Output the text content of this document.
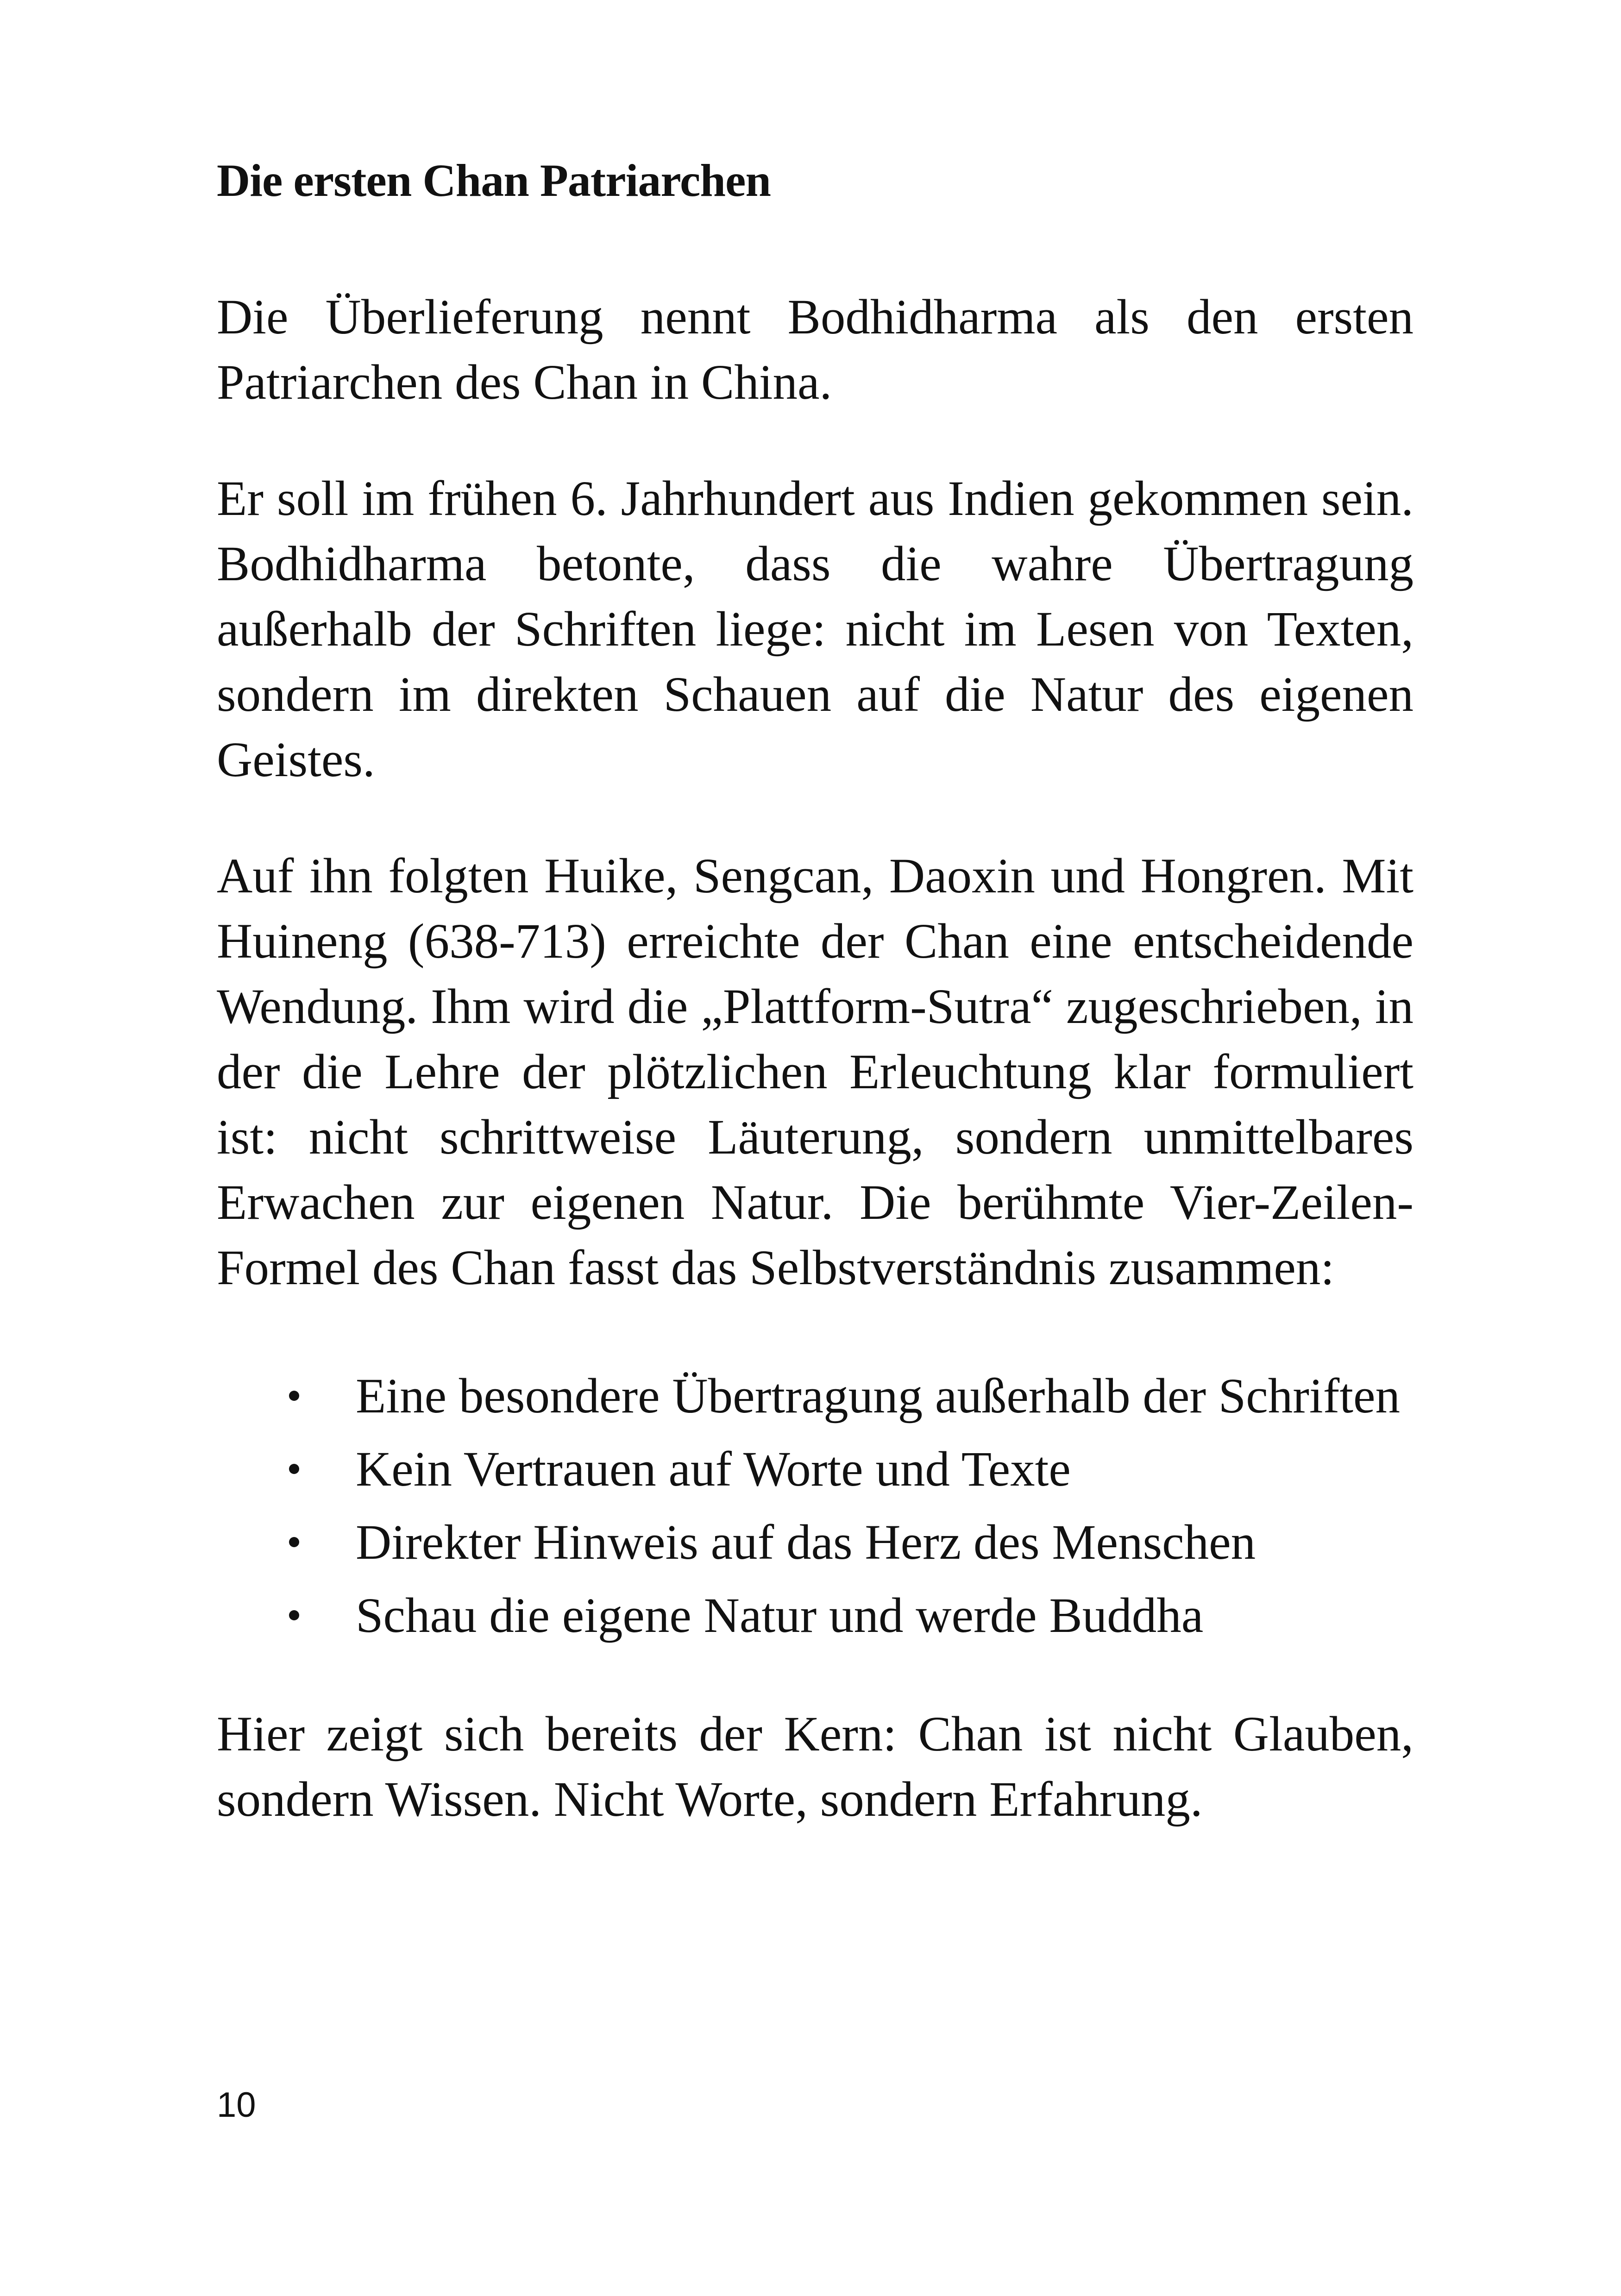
Die ersten Chan Patriarchen

Die Überlieferung nennt Bodhidharma als den ersten Patriarchen des Chan in China.

Er soll im frühen 6. Jahrhundert aus Indien gekommen sein. Bodhidharma betonte, dass die wahre Übertragung außerhalb der Schriften liege: nicht im Lesen von Texten, sondern im direkten Schauen auf die Natur des eigenen Geistes.

Auf ihn folgten Huike, Sengcan, Daoxin und Hongren. Mit Huineng (638-713) erreichte der Chan eine entscheidende Wendung. Ihm wird die „Plattform-Sutra“ zugeschrieben, in der die Lehre der plötzlichen Erleuchtung klar formuliert ist: nicht schrittweise Läuterung, sondern unmittelbares Erwachen zur eigenen Natur. Die berühmte Vier-Zeilen-Formel des Chan fasst das Selbstverständnis zusammen:

Eine besondere Übertragung außerhalb der Schriften
Kein Vertrauen auf Worte und Texte
Direkter Hinweis auf das Herz des Menschen
Schau die eigene Natur und werde Buddha

Hier zeigt sich bereits der Kern: Chan ist nicht Glauben, sondern Wissen. Nicht Worte, sondern Erfahrung.

10
